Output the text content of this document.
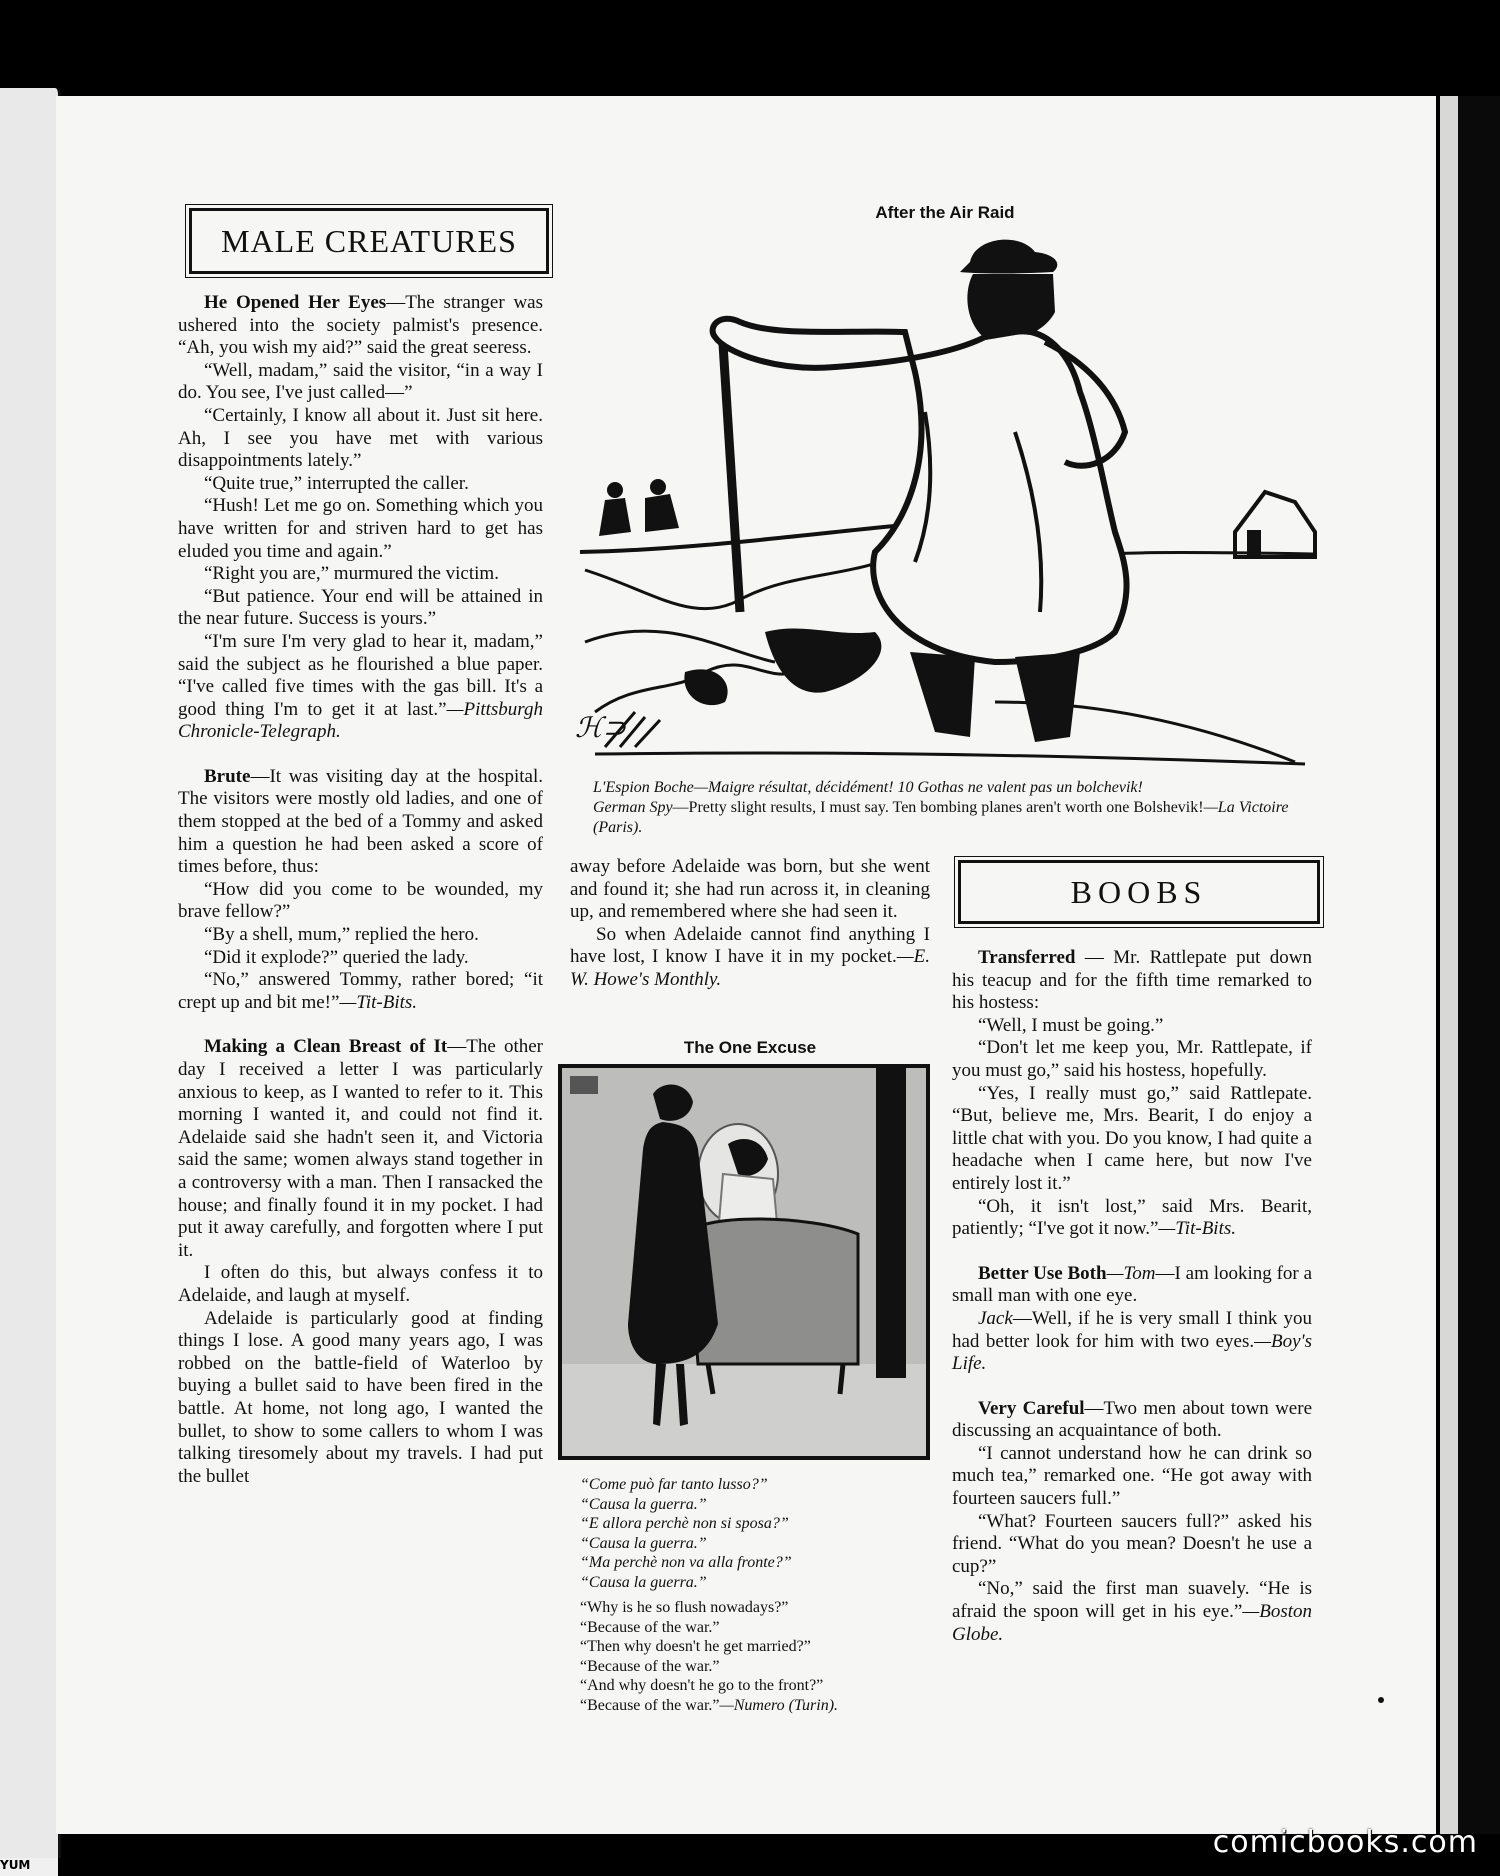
MALE CREATURES

He Opened Her Eyes—The stranger was ushered into the society palmist's presence. “Ah, you wish my aid?” said the great seeress.

“Well, madam,” said the visitor, “in a way I do. You see, I've just called—”

“Certainly, I know all about it. Just sit here. Ah, I see you have met with various disappointments lately.”

“Quite true,” interrupted the caller.

“Hush! Let me go on. Something which you have written for and striven hard to get has eluded you time and again.”

“Right you are,” murmured the victim.

“But patience. Your end will be attained in the near future. Success is yours.”

“I'm sure I'm very glad to hear it, madam,” said the subject as he flourished a blue paper. “I've called five times with the gas bill. It's a good thing I'm to get it at last.”—Pittsburgh Chronicle-Telegraph.

Brute—It was visiting day at the hospital. The visitors were mostly old ladies, and one of them stopped at the bed of a Tommy and asked him a question he had been asked a score of times before, thus:

“How did you come to be wounded, my brave fellow?”

“By a shell, mum,” replied the hero.

“Did it explode?” queried the lady.

“No,” answered Tommy, rather bored; “it crept up and bit me!”—Tit-Bits.

Making a Clean Breast of It—The other day I received a letter I was particularly anxious to keep, as I wanted to refer to it. This morning I wanted it, and could not find it. Adelaide said she hadn't seen it, and Victoria said the same; women always stand together in a controversy with a man. Then I ransacked the house; and finally found it in my pocket. I had put it away carefully, and forgotten where I put it.

I often do this, but always confess it to Adelaide, and laugh at myself.

Adelaide is particularly good at finding things I lose. A good many years ago, I was robbed on the battle-field of Waterloo by buying a bullet said to have been fired in the battle. At home, not long ago, I wanted the bullet, to show to some callers to whom I was talking tiresomely about my travels. I had put the bullet

After the Air Raid
ℋ⊃
L'Espion Boche—Maigre résultat, décidément! 10 Gothas ne valent pas un bolchevik!
German Spy—Pretty slight results, I must say. Ten bombing planes aren't worth one Bolshevik!—La Victoire (Paris).

away before Adelaide was born, but she went and found it; she had run across it, in cleaning up, and remembered where she had seen it.

So when Adelaide cannot find anything I have lost, I know I have it in my pocket.—E. W. Howe's Monthly.

The One Excuse
“Come può far tanto lusso?”
“Causa la guerra.”
“E allora perchè non si sposa?”
“Causa la guerra.”
“Ma perchè non va alla fronte?”
“Causa la guerra.”
“Why is he so flush nowadays?”
“Because of the war.”
“Then why doesn't he get married?”
“Because of the war.”
“And why doesn't he go to the front?”
“Because of the war.”—Numero (Turin).
BOOBS

Transferred — Mr. Rattlepate put down his teacup and for the fifth time remarked to his hostess:

“Well, I must be going.”

“Don't let me keep you, Mr. Rattlepate, if you must go,” said his hostess, hopefully.

“Yes, I really must go,” said Rattlepate. “But, believe me, Mrs. Bearit, I do enjoy a little chat with you. Do you know, I had quite a headache when I came here, but now I've entirely lost it.”

“Oh, it isn't lost,” said Mrs. Bearit, patiently; “I've got it now.”—Tit-Bits.

Better Use Both—Tom—I am looking for a small man with one eye.

Jack—Well, if he is very small I think you had better look for him with two eyes.—Boy's Life.

Very Careful—Two men about town were discussing an acquaintance of both.

“I cannot understand how he can drink so much tea,” remarked one. “He got away with fourteen saucers full.”

“What? Fourteen saucers full?” asked his friend. “What do you mean? Doesn't he use a cup?”

“No,” said the first man suavely. “He is afraid the spoon will get in his eye.”—Boston Globe.

comicbooks.com
YUM
